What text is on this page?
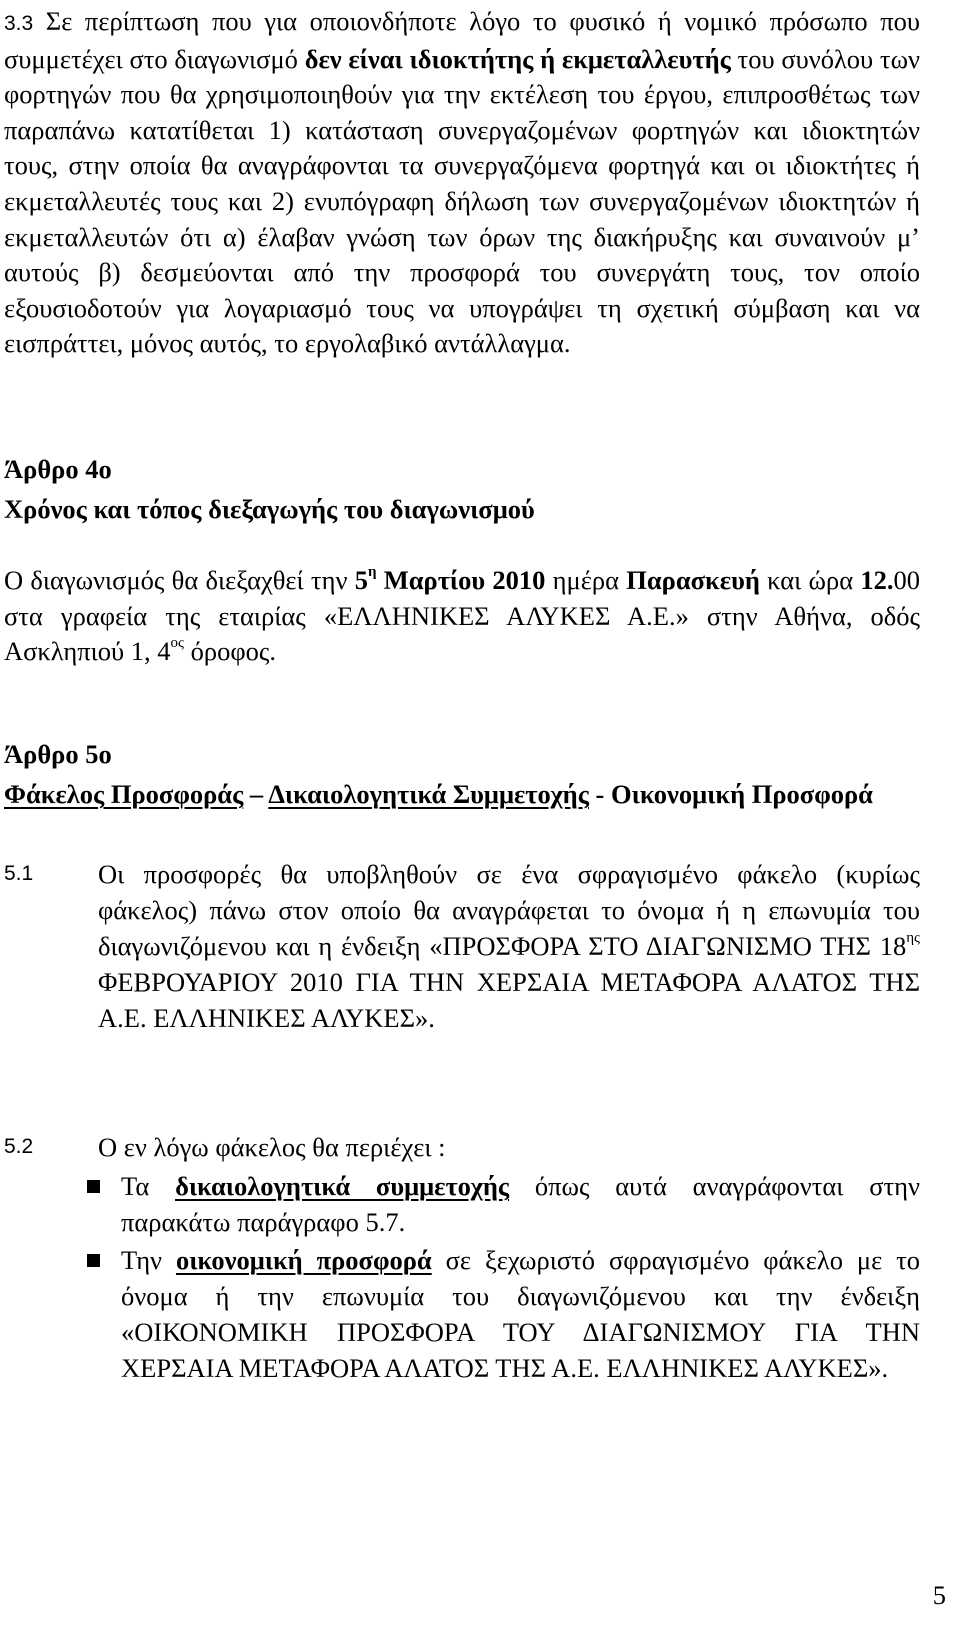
3.3 Σε περίπτωση που για οποιονδήποτε λόγο το φυσικό ή νομικό πρόσωπο που συμμετέχει στο διαγωνισμό δεν είναι ιδιοκτήτης ή εκμεταλλευτής του συνόλου των φορτηγών που θα χρησιμοποιηθούν για την εκτέλεση του έργου, επιπροσθέτως των παραπάνω κατατίθεται 1) κατάσταση συνεργαζομένων φορτηγών και ιδιοκτητών τους, στην οποία θα αναγράφονται τα συνεργαζόμενα φορτηγά και οι ιδιοκτήτες ή εκμεταλλευτές τους και 2) ενυπόγραφη δήλωση των συνεργαζομένων ιδιοκτητών ή εκμεταλλευτών ότι α) έλαβαν γνώση των όρων της διακήρυξης και συναινούν μ’ αυτούς β) δεσμεύονται από την προσφορά του συνεργάτη τους, τον οποίο εξουσιοδοτούν για λογαριασμό τους να υπογράψει τη σχετική σύμβαση και να εισπράττει, μόνος αυτός, το εργολαβικό αντάλλαγμα.
Άρθρο 4ο
Χρόνος και τόπος διεξαγωγής του διαγωνισμού
Ο διαγωνισμός θα διεξαχθεί την $5^\eta$ Μαρτίου 2010 ημέρα Παρασκευή και ώρα 12.00 στα γραφεία της εταιρίας «ΕΛΛΗΝΙΚΕΣ ΑΛΥΚΕΣ Α.Ε.» στην Αθήνα, οδός Ασκληπιού 1, $4^{o\varsigma}$ όροφος.
Άρθρο 5ο
Φάκελος Προσφοράς – Δικαιολογητικά Συμμετοχής - Οικονομική Προσφορά
5.1 Οι προσφορές θα υποβληθούν σε ένα σφραγισμένο φάκελο (κυρίως φάκελος) πάνω στον οποίο θα αναγράφεται το όνομα ή η επωνυμία του διαγωνιζόμενου και η ένδειξη «ΠΡΟΣΦΟΡΑ ΣΤΟ ΔΙΑΓΩΝΙΣΜΟ ΤΗΣ $18^{\eta\varsigma}$ ΦΕΒΡΟΥΑΡΙΟΥ 2010 ΓΙΑ ΤΗΝ ΧΕΡΣΑΙΑ ΜΕΤΑΦΟΡΑ ΑΛΑΤΟΣ ΤΗΣ Α.Ε. ΕΛΛΗΝΙΚΕΣ ΑΛΥΚΕΣ».
5.2 Ο εν λόγω φάκελος θα περιέχει :
Τα δικαιολογητικά συμμετοχής όπως αυτά αναγράφονται στην παρακάτω παράγραφο 5.7.
Την οικονομική προσφορά σε ξεχωριστό σφραγισμένο φάκελο με το όνομα ή την επωνυμία του διαγωνιζόμενου και την ένδειξη «ΟΙΚΟΝΟΜΙΚΗ ΠΡΟΣΦΟΡΑ ΤΟΥ ΔΙΑΓΩΝΙΣΜΟΥ ΓΙΑ ΤΗΝ ΧΕΡΣΑΙΑ ΜΕΤΑΦΟΡΑ ΑΛΑΤΟΣ ΤΗΣ Α.Ε. ΕΛΛΗΝΙΚΕΣ ΑΛΥΚΕΣ».
5
